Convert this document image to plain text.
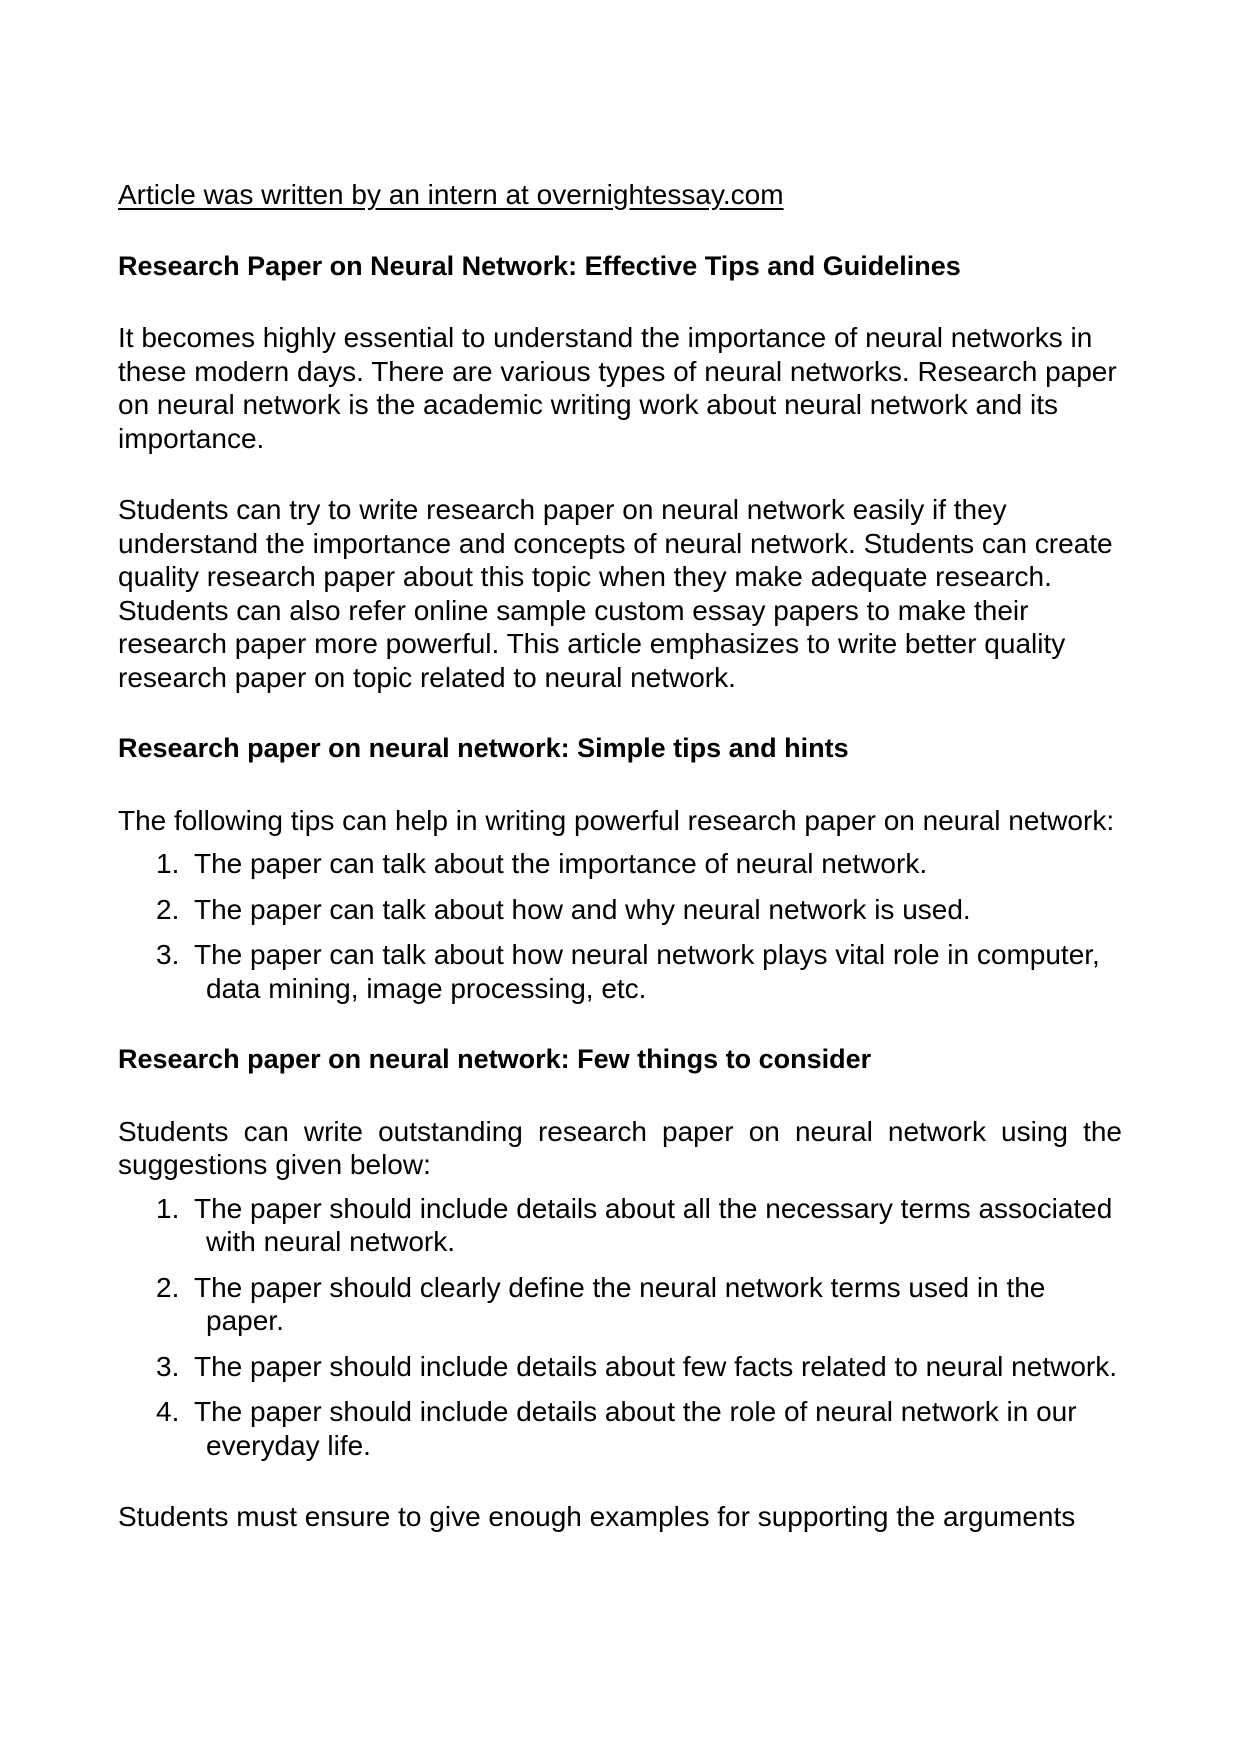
Article was written by an intern at overnightessay.com
Research Paper on Neural Network: Effective Tips and Guidelines

It becomes highly essential to understand the importance of neural networks in these modern days. There are various types of neural networks. Research paper on neural network is the academic writing work about neural network and its importance.

Students can try to write research paper on neural network easily if they understand the importance and concepts of neural network. Students can create quality research paper about this topic when they make adequate research. Students can also refer online sample custom essay papers to make their research paper more powerful. This article emphasizes to write better quality research paper on topic related to neural network.

Research paper on neural network: Simple tips and hints

The following tips can help in writing powerful research paper on neural network:

1. The paper can talk about the importance of neural network.
2. The paper can talk about how and why neural network is used.
3. The paper can talk about how neural network plays vital role in computer, data mining, image processing, etc.
Research paper on neural network: Few things to consider

Students can write outstanding research paper on neural network using the suggestions given below:

1. The paper should include details about all the necessary terms associated with neural network.
2. The paper should clearly define the neural network terms used in the paper.
3. The paper should include details about few facts related to neural network.
4. The paper should include details about the role of neural network in our everyday life.

Students must ensure to give enough examples for supporting the arguments
